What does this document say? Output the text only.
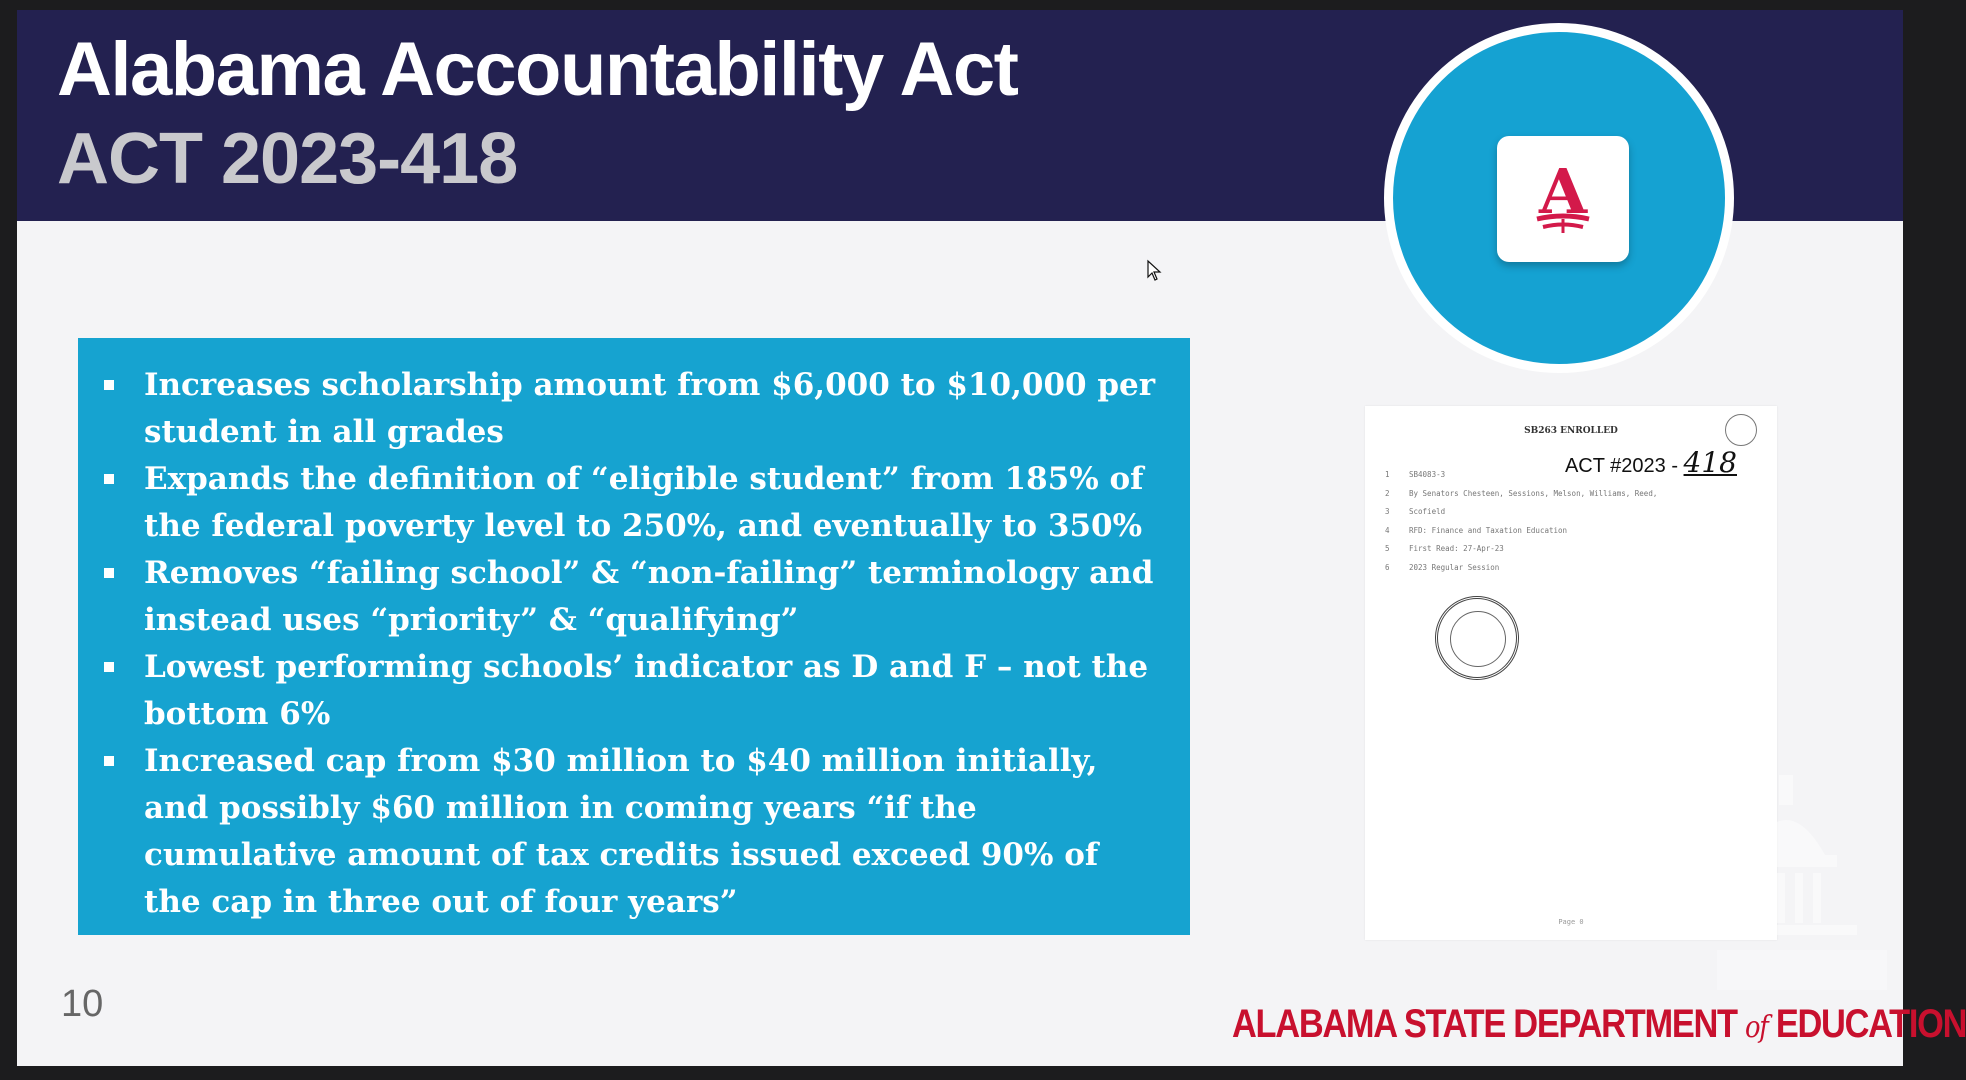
Alabama Accountability Act
ACT 2023-418	A
Increases scholarship amount from $6,000 to $10,000 per student in all grades
Expands the definition of “eligible student” from 185% of the federal poverty level to 250%, and eventually to 350%
Removes “failing school” & “non-failing” terminology and instead uses “priority” & “qualifying”
Lowest performing schools’ indicator as D and F – not the bottom 6%
Increased cap from $30 million to $40 million initially, and possibly $60 million in coming years “if the cumulative amount of tax credits issued exceed 90% of the cap in three out of four years”
SB263 ENROLLED
ACT #2023 - 418
1	SB4083-3
2	By Senators Chesteen, Sessions, Melson, Williams, Reed,
3	Scofield
4	RFD: Finance and Taxation Education
5	First Read: 27-Apr-23
6	2023 Regular Session
Page 0
10	ALABAMA STATE DEPARTMENT of EDUCATION
